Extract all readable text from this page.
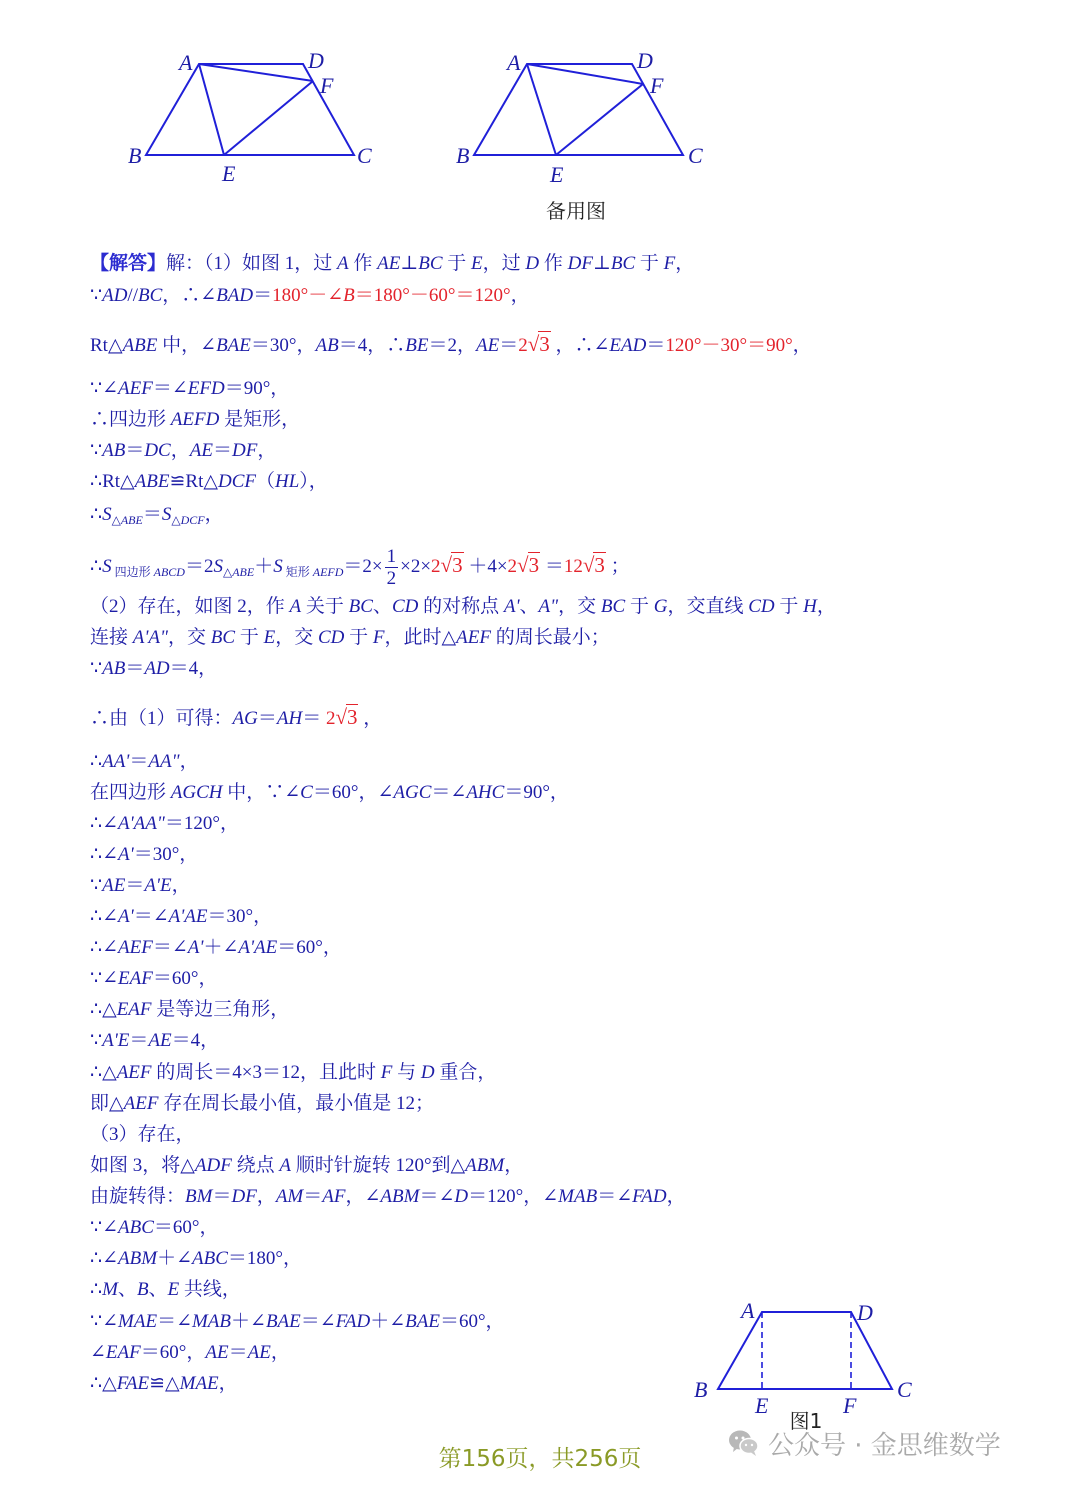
A	D
F
B
E
C
A	D
F
B
E
C
备用图
A	D
B	C
E	F
图1
【解答】解：（1）如图 1，过 A 作 AE⊥BC 于 E，过 D 作 DF⊥BC 于 F，
∵AD//BC，∴∠BAD＝180°－∠B＝180°－60°＝120°，
Rt△ABE 中，∠BAE＝30°，AB＝4，∴BE＝2，AE＝2√3 ，∴∠EAD＝120°－30°＝90°，
∵∠AEF＝∠EFD＝90°，
∴四边形 AEFD 是矩形，
∵AB＝DC，AE＝DF，
∴Rt△ABE≌Rt△DCF（HL），
$\therefore S_{\triangle ABE}=S_{\triangle DCF}$，
∴S $_{四边形}$ $_{ABCD}=2S_{\triangle ABE}+S$ $_{矩形}$ $_{AEFD}=2\times \frac{1}{2} \times 2\times 2√3 +4\times 2√3 =12√3$ ；
（2）存在，如图 2，作 A 关于 BC、CD 的对称点 A'、A"，交 BC 于 G，交直线 CD 于 H，
连接 A'A"，交 BC 于 E，交 CD 于 F，此时△AEF 的周长最小；
∵AB＝AD＝4，
∴由（1）可得：AG＝AH＝ 2√3 ，
∴AA'＝AA"，
在四边形 AGCH 中，∵∠C＝60°，∠AGC＝∠AHC＝90°，
∴∠A'AA"＝120°，
∴∠A'＝30°，
∵AE＝A'E，
∴∠A'＝∠A'AE＝30°，
∴∠AEF＝∠A'＋∠A'AE＝60°，
∵∠EAF＝60°，
∴△EAF 是等边三角形，
∵A'E＝AE＝4，
∴△AEF 的周长＝4×3＝12，且此时 F 与 D 重合，
即△AEF 存在周长最小值，最小值是 12；
（3）存在，
如图 3，将△ADF 绕点 A 顺时针旋转 120°到△ABM，
由旋转得：BM＝DF，AM＝AF，∠ABM＝∠D＝120°，∠MAB＝∠FAD，
∵∠ABC＝60°，
∴∠ABM＋∠ABC＝180°，
∴M、B、E 共线，
∵∠MAE＝∠MAB＋∠BAE＝∠FAD＋∠BAE＝60°，
∠EAF＝60°，AE＝AE，
∴△FAE≌△MAE，
第156页，共256页	公众号 · 金思维数学
